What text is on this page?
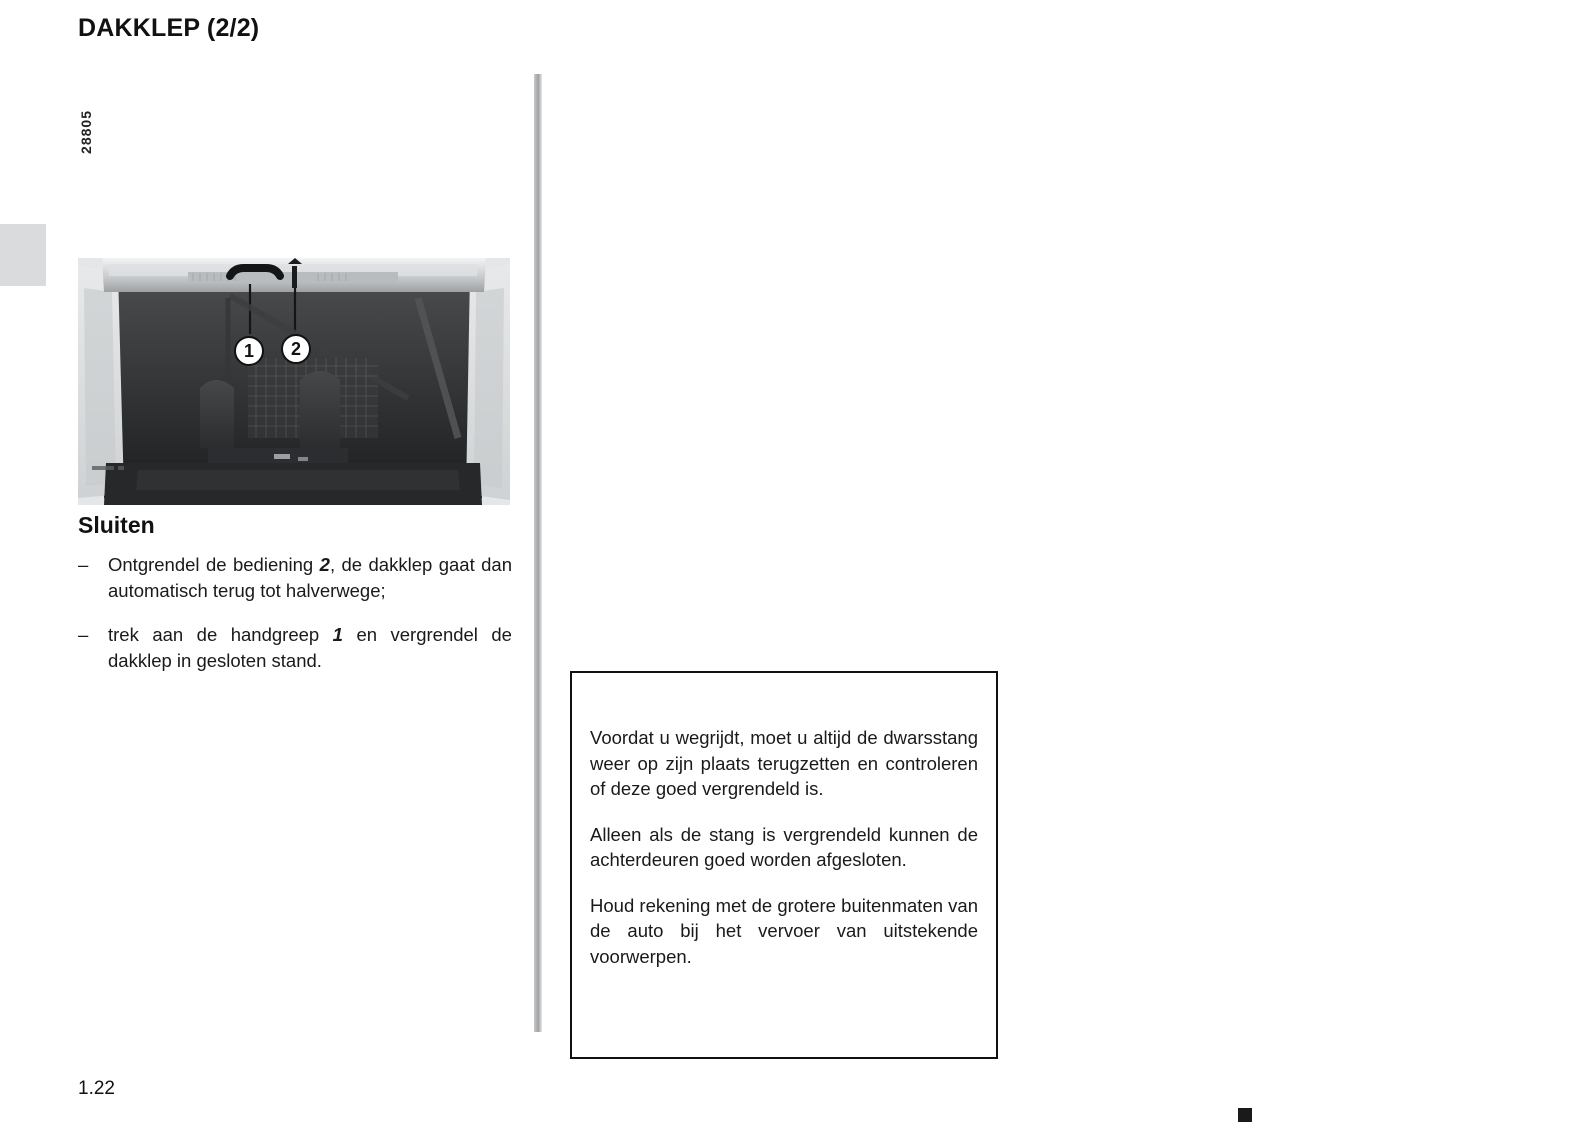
DAKKLEP (2/2)
28805
1	2
Sluiten
– Ontgrendel de bediening 2, de dakklep gaat dan automatisch terug tot halverwege;
– trek aan de handgreep 1 en vergrendel de dakklep in gesloten stand.

Voordat u wegrijdt, moet u altijd de dwarsstang weer op zijn plaats terugzetten en controleren of deze goed vergrendeld is.

Alleen als de stang is vergrendeld kunnen de achterdeuren goed worden afgesloten.

Houd rekening met de grotere buitenmaten van de auto bij het vervoer van uitstekende voorwerpen.

1.22
